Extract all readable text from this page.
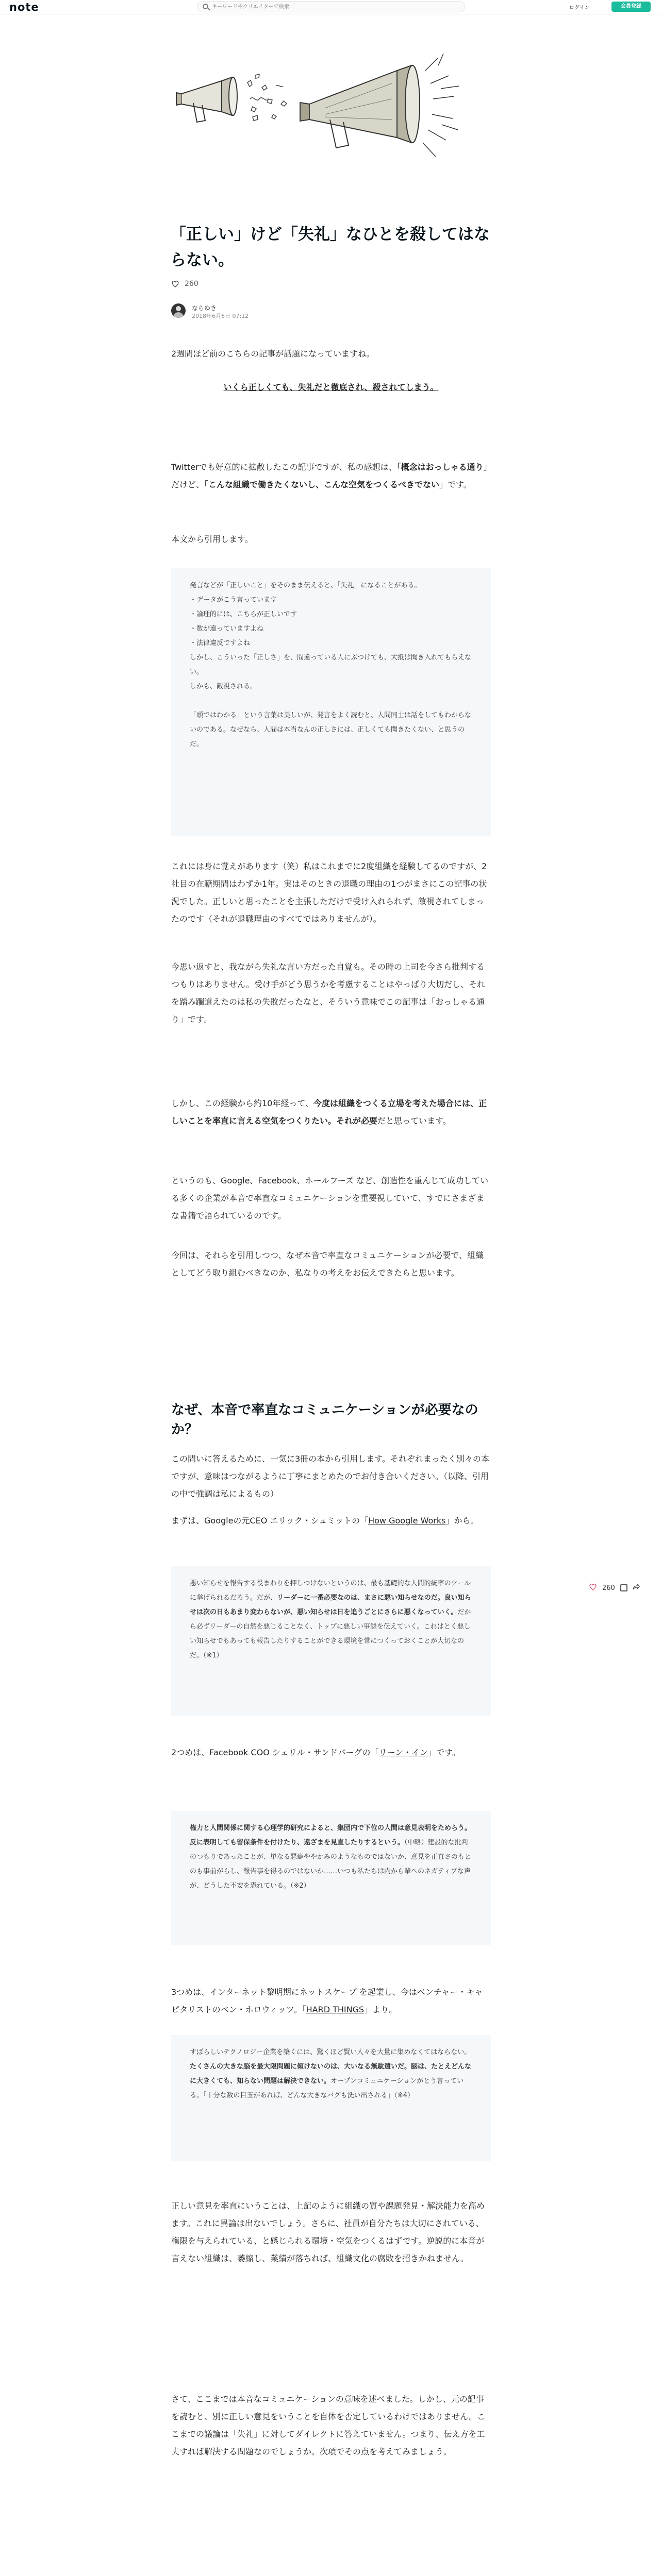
note
キーワードやクリエイターで検索	ログイン	会員登録
「正しい」けど「失礼」なひとを殺してはならない。
260
ならゆき
2018年6月6日 07:12

2週間ほど前のこちらの記事が話題になっていますね。

いくら正しくても、失礼だと徹底され、殺されてしまう。

Twitterでも好意的に拡散したこの記事ですが、私の感想は、「概念はおっしゃる通り」だけど、「こんな組織で働きたくないし、こんな空気をつくるべきでない」です。

本文から引用します。

発言などが「正しいこと」をそのまま伝えると、「失礼」になることがある。
・データがこう言っています
・論理的には、こちらが正しいです
・数が違っていますよね
・法律違反ですよね
しかし、こういった「正しさ」を、間違っている人にぶつけても、大抵は聞き入れてもらえない。
しかも、敵視される。
「頭ではわかる」という言葉は美しいが、発言をよく読むと、人間同士は話をしてもわからないのである。なぜなら、人間は本当なんの正しさには、正しくても聞きたくない、と思うのだ。

これには身に覚えがあります（笑）私はこれまでに2度組織を経験してるのですが、2社目の在籍期間はわずか1年。実はそのときの退職の理由の1つがまさにこの記事の状況でした。正しいと思ったことを主張しただけで受け入れられず、敵視されてしまったのです（それが退職理由のすべてではありませんが）。

今思い返すと、我ながら失礼な言い方だった自覚も。その時の上司を今さら批判するつもりはありません。受け手がどう思うかを考慮することはやっぱり大切だし、それを踏み躙道えたのは私の失敗だったなと、そういう意味でこの記事は「おっしゃる通り」です。

しかし、この経験から約10年経って、今度は組織をつくる立場を考えた場合には、正しいことを率直に言える空気をつくりたい。それが必要だと思っています。

というのも、Google、Facebook、ホールフーズ など、創造性を重んじて成功している多くの企業が本音で率直なコミュニケーションを重要視していて、すでにさまざまな書籍で語られているのです。

今回は、それらを引用しつつ、なぜ本音で率直なコミュニケーションが必要で、組織としてどう取り組むべきなのか、私なりの考えをお伝えできたらと思います。

なぜ、本音で率直なコミュニケーションが必要なのか？

この問いに答えるために、一気に3冊の本から引用します。それぞれまったく別々の本ですが、意味はつながるように丁寧にまとめたのでお付き合いください。（以降、引用の中で強調は私によるもの）

まずは、Googleの元CEO エリック・シュミットの「How Google Works」から。

悪い知らせを報告する役まわりを押しつけないというのは、最も基礎的な人間的統率のツールに挙げられるだろう。だが、リーダーに一番必要なのは、まさに悪い知らせなのだ。良い知らせは次の日もあまり変わらないが、悪い知らせは日を追うごとにさらに悪くなっていく。だから必ずリーダーの自然を悪じることなく、トップに悪しい事態を伝えていく。これはとく悪しい知らせでもあっても報告したりすることができる環境を常につくっておくことが大切なのだ。（※1）

2つめは、Facebook COO シェリル・サンドバーグの「リーン・イン」です。

権力と人間関係に関する心理学的研究によると、集団内で下位の人間は意見表明をためらう。反に表明しても留保条件を付けたり、遠ざまを見直したりするという。（中略）建設的な批判のつもりであったことが、単なる悪癖ややかみのようなものではないか、意見を正直さのもとのも事前がらし、報告事を得るのではないか……いつも私たちは内から輩へのネガティブな声が、どうした不安を恐れている。（※2）

3つめは、インターネット黎明期にネットスケープ を起業し、今はベンチャー・キャピタリストのベン・ホロウィッツ。「HARD THINGS」より。

すばらしいテクノロジー企業を築くには、驚くほど賢い人々を大量に集めなくてはならない。たくさんの大きな脳を最大限問題に傾けないのは、大いなる無駄遣いだ。脳は、たとえどんなに大きくても、知らない問題は解決できない。オープンコミュニケーションがとう言っている。「十分な数の目玉があれば、どんな大きなバグも洗い出される」（※4）

正しい意見を率直にいうことは、上記のように組織の質や課題発見・解決能力を高めます。これに異論は出ないでしょう。さらに、社員が自分たちは大切にされている、権限を与えられている、と感じられる環境・空気をつくるはずです。逆説的に本音が言えない組織は、萎縮し、業績が落ちれば、組織文化の腐敗を招きかねません。

さて、ここまでは本音なコミュニケーションの意味を述べました。しかし、元の記事を読むと、別に正しい意見をいうことを自体を否定しているわけではありません。ここまでの議論は「失礼」に対してダイレクトに答えていません。つまり、伝え方を工夫すれば解決する問題なのでしょうか。次項でその点を考えてみましょう。

260
